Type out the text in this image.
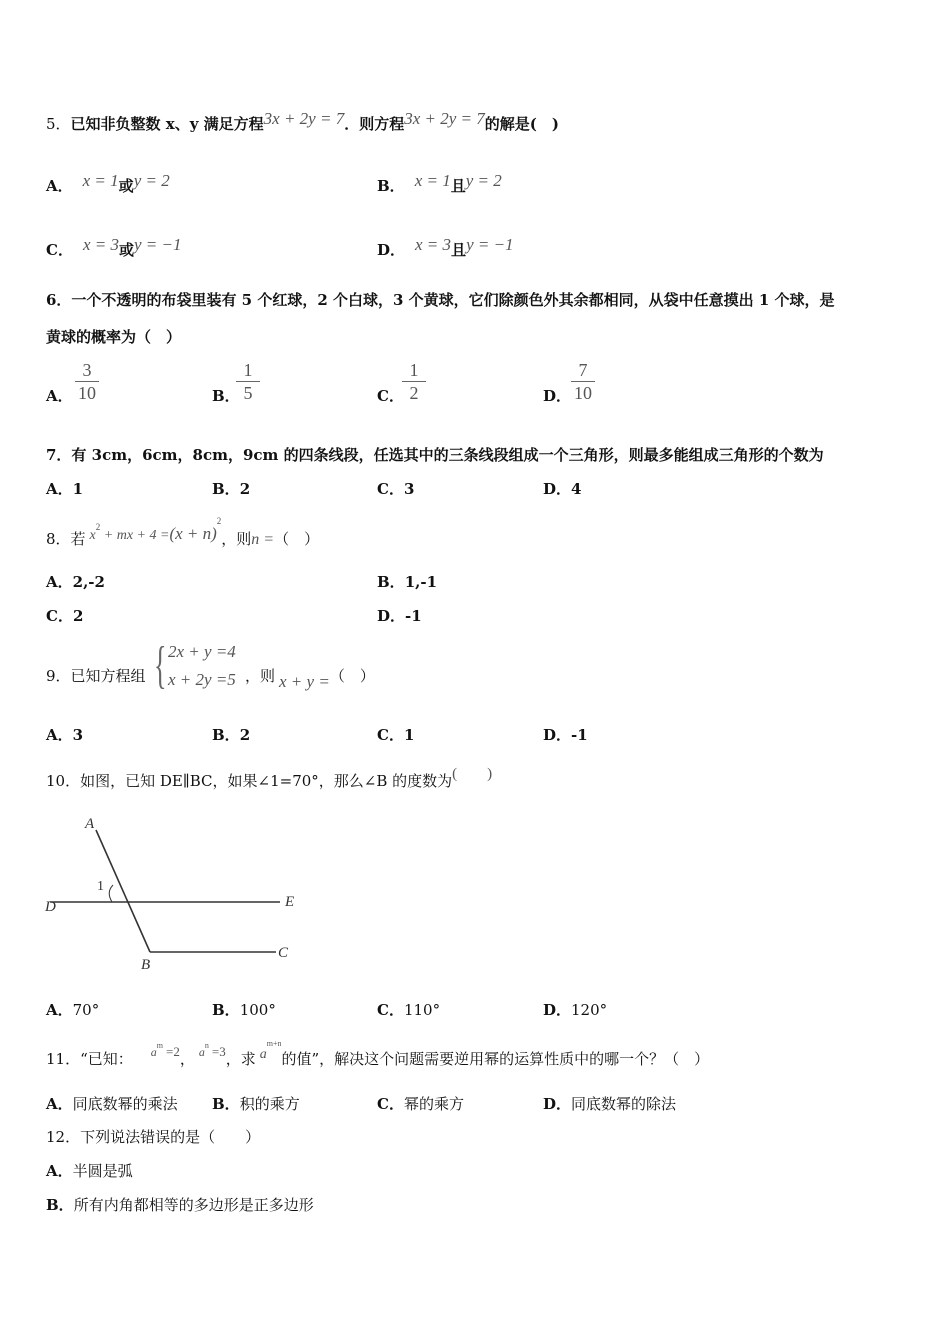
5．已知非负整数 x、y 满足方程3x + 2y = 7．则方程3x + 2y = 7的解是(　)
A． x = 1或y = 2	B． x = 1且y = 2
C． x = 3或y = −1	D． x = 3且y = −1
6．一个不透明的布袋里装有 5 个红球，2 个白球，3 个黄球，它们除颜色外其余都相同，从袋中任意摸出 1 个球，是
黄球的概率为（　）
A．
3
10	B．
1
5	C．
1
2	D．
7
10
7．有 3cm，6cm，8cm，9cm 的四条线段，任选其中的三条线段组成一个三角形，则最多能组成三角形的个数为
A．1	B．2	C．3	D．4
8．若 $x^2$ + mx + $4 =(x + n)^2$，则n =（　）
A．2,-2	B．1,-1
C．2	D．-1
9．已知方程组 { 2x + y =4
x + 2y =5 ，则 x + y =（　）
A．3	B．2	C．1	D．-1
10．如图，已知 DE∥BC，如果∠1=70°，那么∠B 的度数为(　　)
A
1
D	E
B
C
A．70°	B．100°	C．110°	D．120°
11．“已知： $^{am}$ =2， $^{an}$ =3，求 $a^{m+n}$的值”，解决这个问题需要逆用幂的运算性质中的哪一个？（　）
A．同底数幂的乘法 B．积的乘方	C．幂的乘方	D．同底数幂的除法
12．下列说法错误的是（　　）
A．半圆是弧
B．所有内角都相等的多边形是正多边形
